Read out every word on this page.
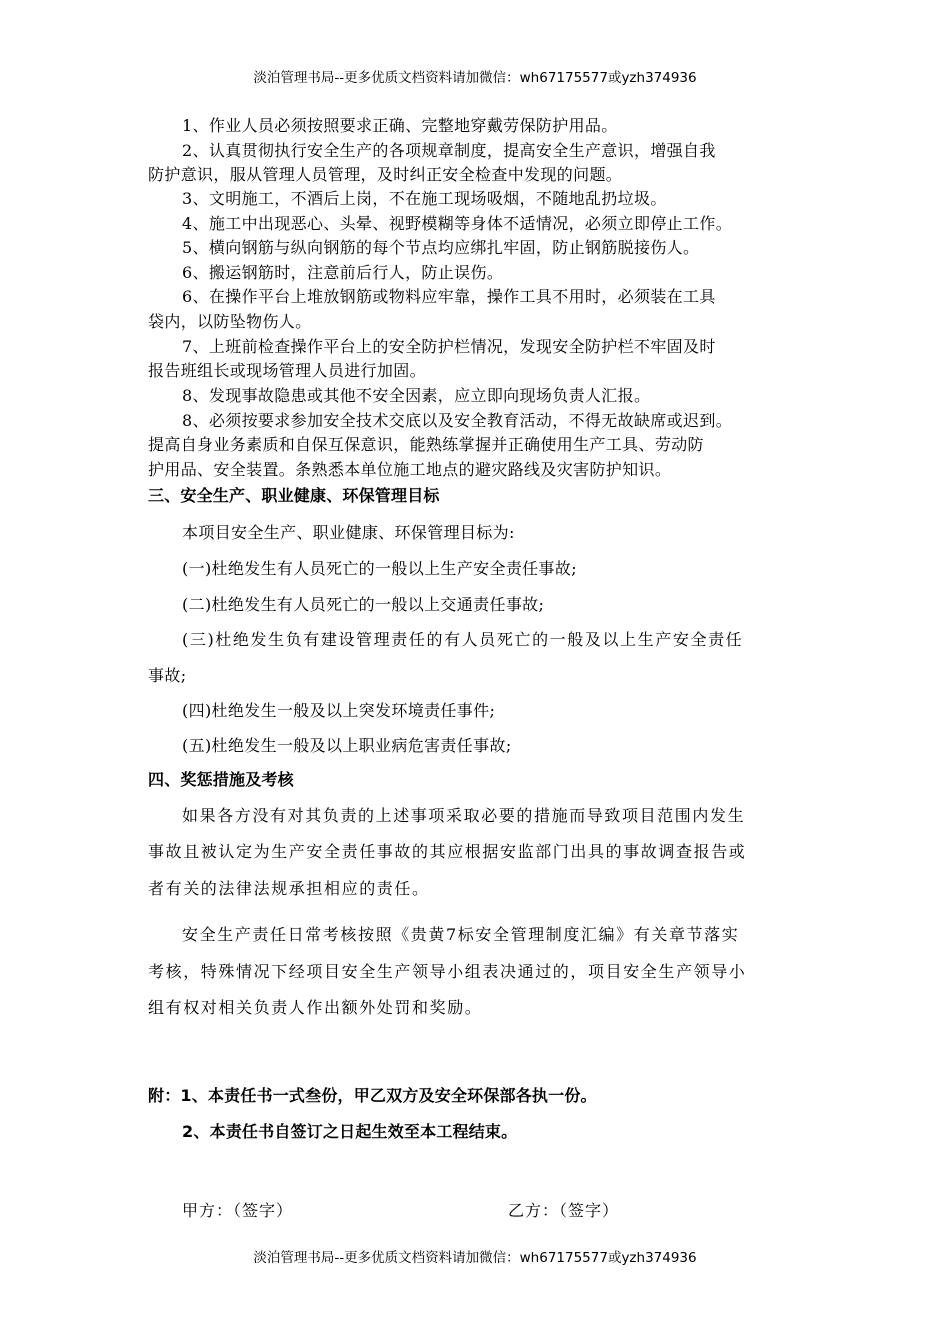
淡泊管理书局--更多优质文档资料请加微信：wh67175577或yzh374936

1、作业人员必须按照要求正确、完整地穿戴劳保防护用品。

2、认真贯彻执行安全生产的各项规章制度，提高安全生产意识，增强自我

防护意识，服从管理人员管理，及时纠正安全检查中发现的问题。

3、文明施工，不酒后上岗，不在施工现场吸烟，不随地乱扔垃圾。

4、施工中出现恶心、头晕、视野模糊等身体不适情况，必须立即停止工作。

5、横向钢筋与纵向钢筋的每个节点均应绑扎牢固，防止钢筋脱接伤人。

6、搬运钢筋时，注意前后行人，防止误伤。

6、在操作平台上堆放钢筋或物料应牢靠，操作工具不用时，必须装在工具

袋内，以防坠物伤人。

7、上班前检查操作平台上的安全防护栏情况，发现安全防护栏不牢固及时

报告班组长或现场管理人员进行加固。

8、发现事故隐患或其他不安全因素，应立即向现场负责人汇报。

8、必须按要求参加安全技术交底以及安全教育活动，不得无故缺席或迟到。

提高自身业务素质和自保互保意识，能熟练掌握并正确使用生产工具、劳动防

护用品、安全装置。条熟悉本单位施工地点的避灾路线及灾害防护知识。

三、安全生产、职业健康、环保管理目标

本项目安全生产、职业健康、环保管理目标为:

(一)杜绝发生有人员死亡的一般以上生产安全责任事故;

(二)杜绝发生有人员死亡的一般以上交通责任事故;

(三)杜绝发生负有建设管理责任的有人员死亡的一般及以上生产安全责任

事故;

(四)杜绝发生一般及以上突发环境责任事件;

(五)杜绝发生一般及以上职业病危害责任事故;

四、奖惩措施及考核

如果各方没有对其负责的上述事项采取必要的措施而导致项目范围内发生

事故且被认定为生产安全责任事故的其应根据安监部门出具的事故调查报告或

者有关的法律法规承担相应的责任。

安全生产责任日常考核按照《贵黄7标安全管理制度汇编》有关章节落实

考核，特殊情况下经项目安全生产领导小组表决通过的，项目安全生产领导小

组有权对相关负责人作出额外处罚和奖励。

附：1、本责任书一式叁份，甲乙双方及安全环保部各执一份。

2、本责任书自签订之日起生效至本工程结束。

甲方：（签字）	乙方：（签字）
淡泊管理书局--更多优质文档资料请加微信：wh67175577或yzh374936
